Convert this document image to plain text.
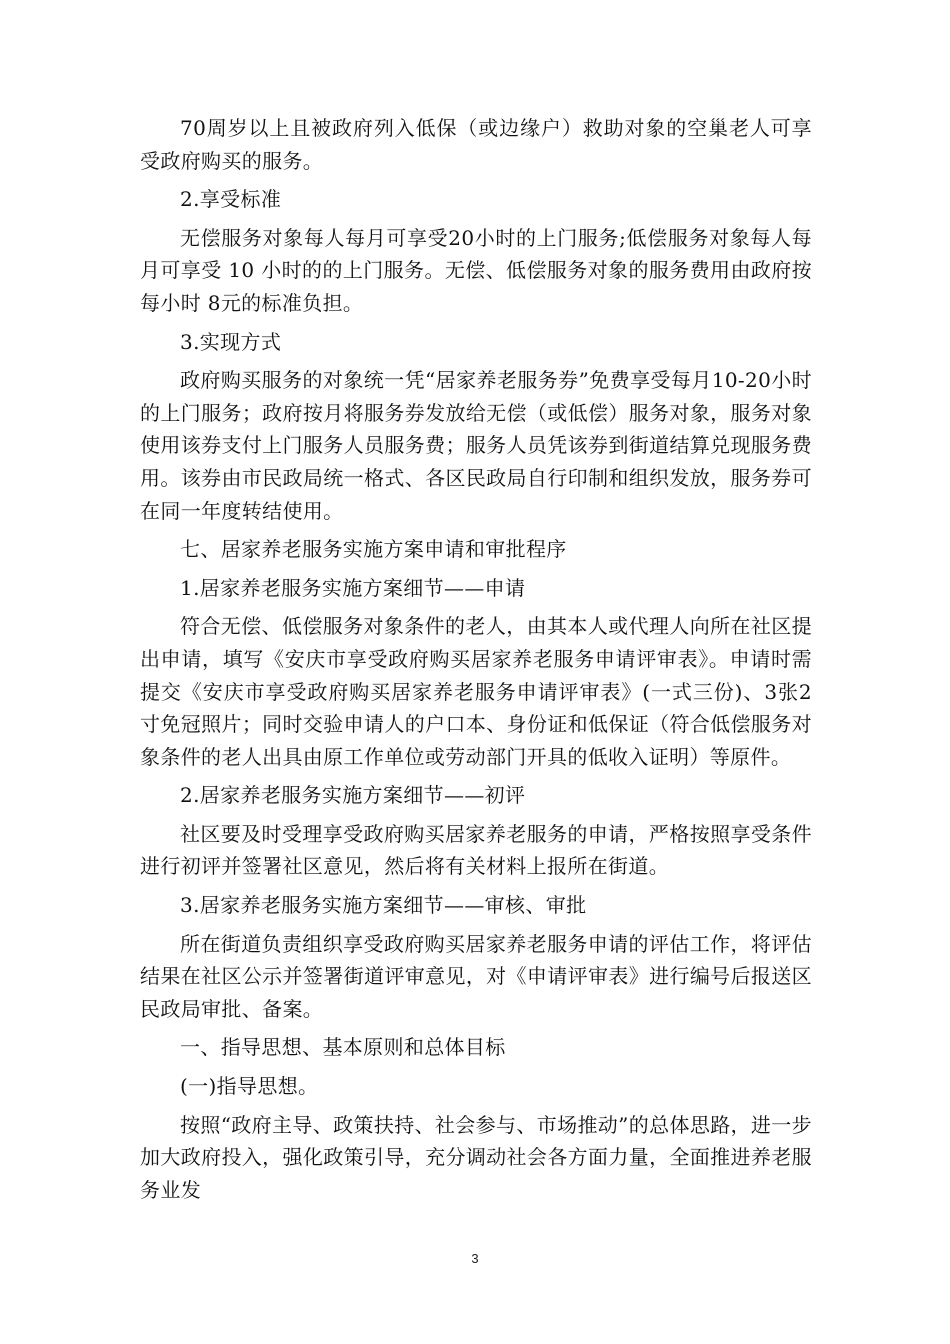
70周岁以上且被政府列入低保（或边缘户）救助对象的空巢老人可享受政府购买的服务。

2.享受标准

无偿服务对象每人每月可享受20小时的上门服务;低偿服务对象每人每月可享受 10 小时的的上门服务。无偿、低偿服务对象的服务费用由政府按每小时 8元的标准负担。

3.实现方式

政府购买服务的对象统一凭“居家养老服务券”免费享受每月10-20小时的上门服务；政府按月将服务券发放给无偿（或低偿）服务对象，服务对象使用该券支付上门服务人员服务费；服务人员凭该券到街道结算兑现服务费用。该券由市民政局统一格式、各区民政局自行印制和组织发放，服务券可在同一年度转结使用。

七、居家养老服务实施方案申请和审批程序

1.居家养老服务实施方案细节——申请

符合无偿、低偿服务对象条件的老人，由其本人或代理人向所在社区提出申请，填写《安庆市享受政府购买居家养老服务申请评审表》。申请时需提交《安庆市享受政府购买居家养老服务申请评审表》(一式三份)、3张2寸免冠照片；同时交验申请人的户口本、身份证和低保证（符合低偿服务对象条件的老人出具由原工作单位或劳动部门开具的低收入证明）等原件。

2.居家养老服务实施方案细节——初评

社区要及时受理享受政府购买居家养老服务的申请，严格按照享受条件进行初评并签署社区意见，然后将有关材料上报所在街道。

3.居家养老服务实施方案细节——审核、审批

所在街道负责组织享受政府购买居家养老服务申请的评估工作，将评估结果在社区公示并签署街道评审意见，对《申请评审表》进行编号后报送区民政局审批、备案。

一、指导思想、基本原则和总体目标

(一)指导思想。

按照“政府主导、政策扶持、社会参与、市场推动”的总体思路，进一步加大政府投入，强化政策引导，充分调动社会各方面力量，全面推进养老服务业发

3
